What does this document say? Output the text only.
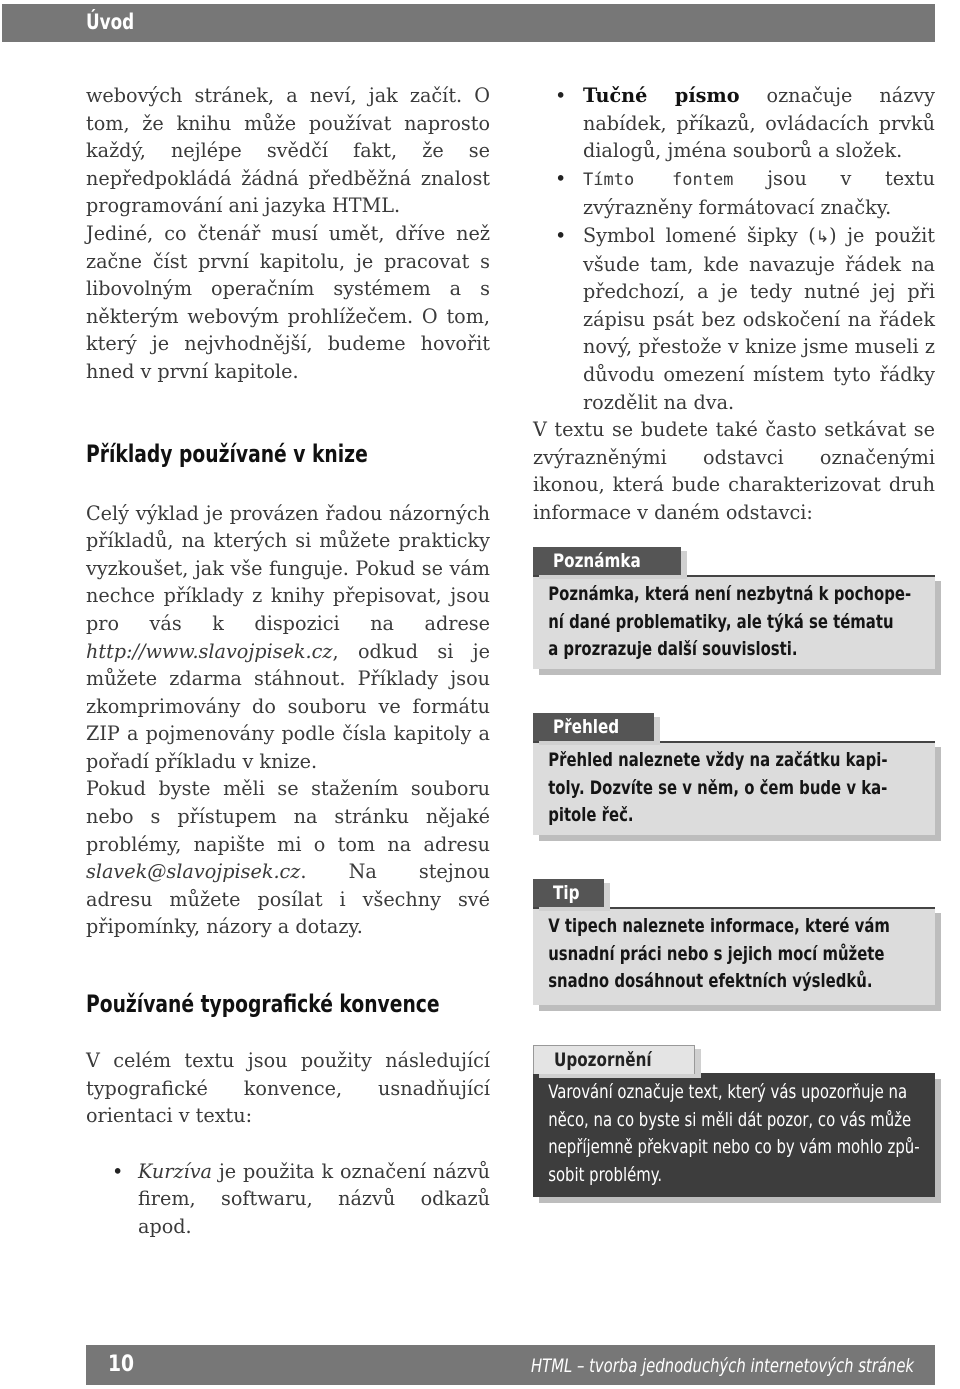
Úvod

webových stránek, a neví, jak začít. O tom, že knihu může používat naprosto každý, nejlépe svědčí fakt, že se nepředpokládá žádná předběžná znalost programování ani jazyka HTML.

Jediné, co čtenář musí umět, dříve než začne číst první kapitolu, je pracovat s libovolným operačním systémem a s některým webovým prohlížečem. O tom, který je nejvhodnější, budeme hovořit hned v první kapitole.

Příklady používané v knize

Celý výklad je provázen řadou názorných příkladů, na kterých si můžete prakticky vyzkoušet, jak vše funguje. Pokud se vám nechce příklady z knihy přepisovat, jsou pro vás k dispozici na adrese http://www.slavojpisek.cz, odkud si je můžete zdarma stáhnout. Příklady jsou zkomprimovány do souboru ve formátu ZIP a pojmenovány podle čísla kapitoly a pořadí příkladu v knize.

Pokud byste měli se stažením souboru nebo s přístupem na stránku nějaké problémy, napište mi o tom na adresu slavek@slavojpisek.cz. Na stejnou adresu můžete posílat i všechny své připomínky, názory a dotazy.

Používané typografické konvence

V celém textu jsou použity následující typografické konvence, usnadňující orientaci v textu:

• Kurzíva je použita k označení názvů firem, softwaru, názvů odkazů apod.
• Tučné písmo označuje názvy nabídek, příkazů, ovládacích prvků dialogů, jména souborů a složek.
• Tímto fontem jsou v textu zvýrazněny formátovací značky.
• Symbol lomené šipky (↳) je použit všude tam, kde navazuje řádek na předchozí, a je tedy nutné jej při zápisu psát bez odskočení na řádek nový, přestože v knize jsme museli z důvodu omezení místem tyto řádky rozdělit na dva.

V textu se budete také často setkávat se zvýrazněnými odstavci označenými ikonou, která bude charakterizovat druh informace v daném odstavci:

Poznámka, která není nezbytná k pochope-
ní dané problematiky, ale týká se tématu
a prozrazuje další souvislosti.
Poznámka
Přehled naleznete vždy na začátku kapi-
toly. Dozvíte se v něm, o čem bude v ka-
pitole řeč.
Přehled
V tipech naleznete informace, které vám
usnadní práci nebo s jejich mocí můžete
snadno dosáhnout efektních výsledků.
Tip
Varování označuje text, který vás upozorňuje na
něco, na co byste si měli dát pozor, co vás může
nepříjemně překvapit nebo co by vám mohlo způ-
sobit problémy.
Upozornění
10	HTML – tvorba jednoduchých internetových stránek
